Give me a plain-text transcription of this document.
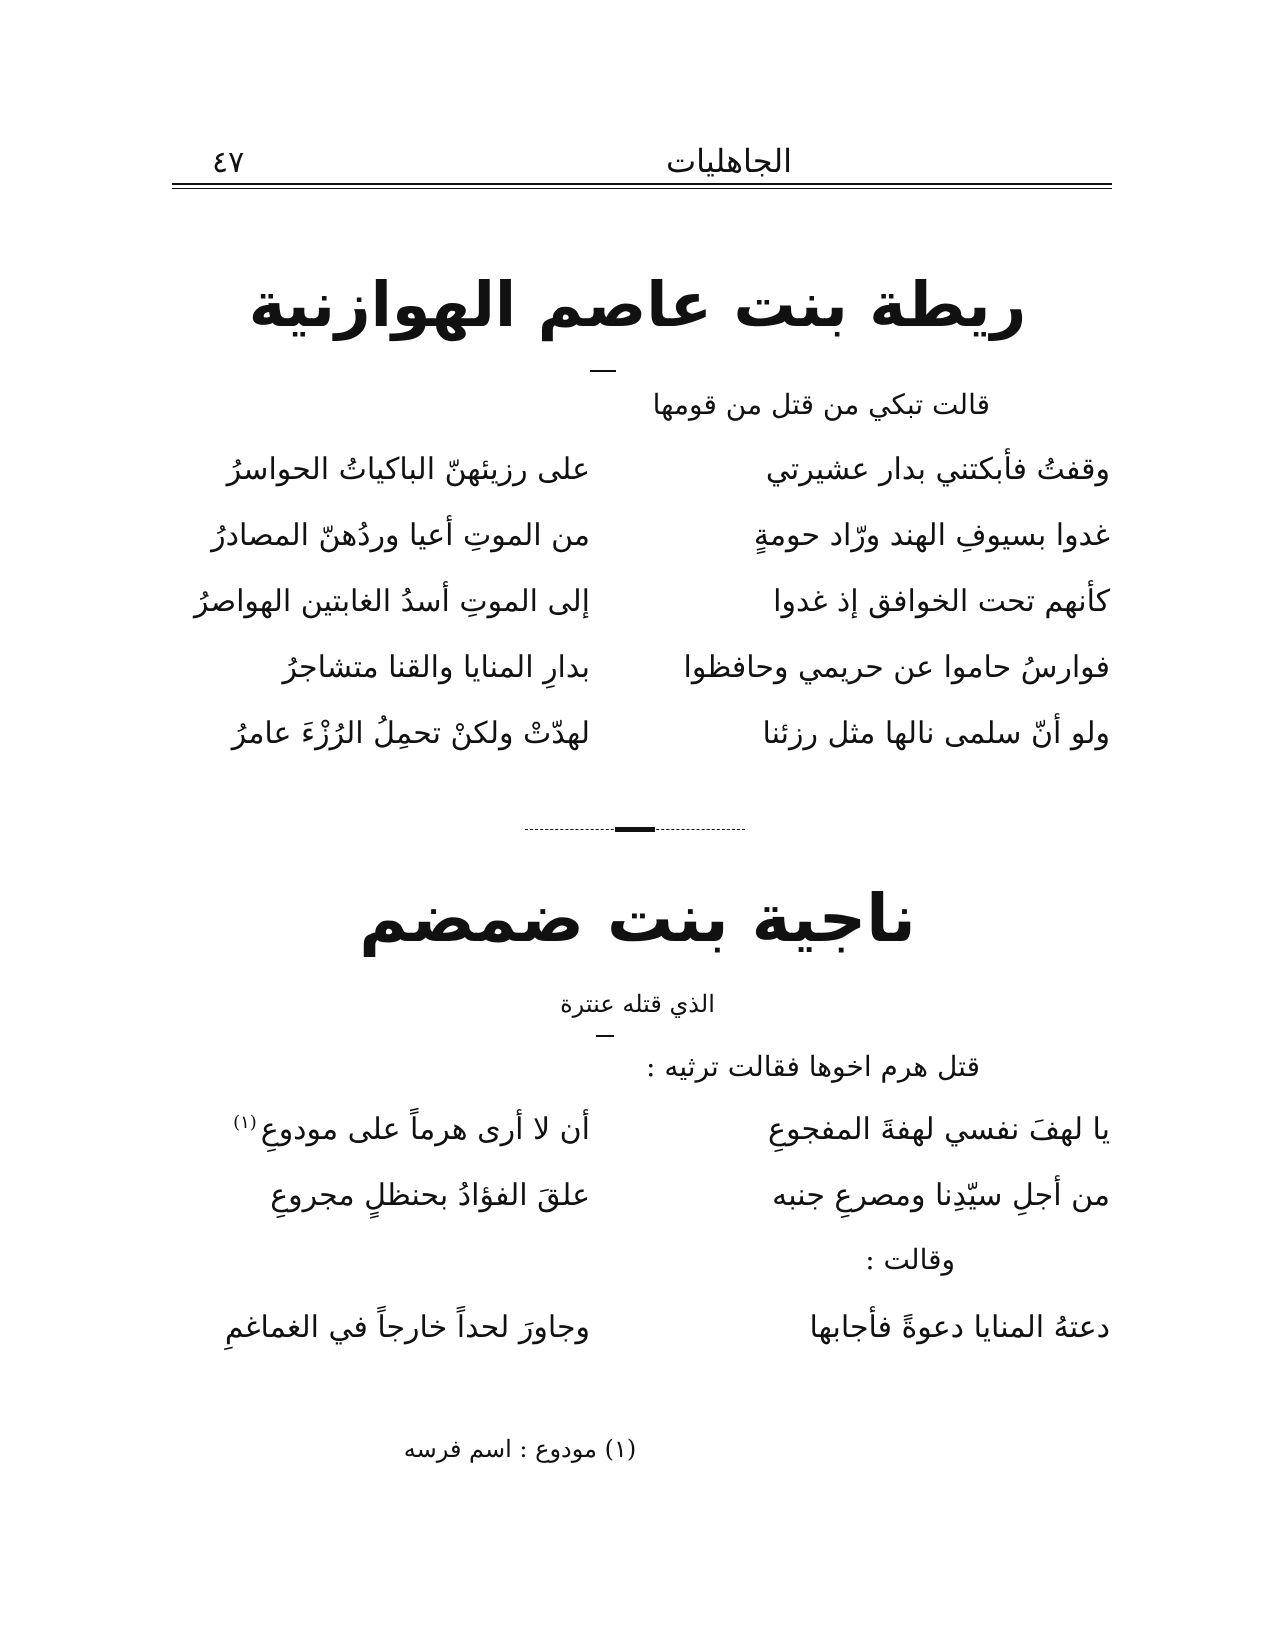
الجاهليات
٤٧
ريطة بنت عاصم الهوازنية
قالت تبكي من قتل من قومها
وقفتُ فأبكتني بدار عشيرتي
على رزيئهنّ الباكياتُ الحواسرُ
غدوا بسيوفِ الهند ورّاد حومةٍ
من الموتِ أعيا وردُهنّ المصادرُ
كأنهم تحت الخوافق إذ غدوا
إلى الموتِ أسدُ الغابتين الهواصرُ
فوارسُ حاموا عن حريمي وحافظوا
بدارِ المنايا والقنا متشاجرُ
ولو أنّ سلمى نالها مثل رزئنا
لهدّتْ ولكنْ تحمِلُ الرُزْءَ عامرُ
ناجية بنت ضمضم
الذي قتله عنترة
قتل هرم اخوها فقالت ترثيه :
يا لهفَ نفسي لهفةَ المفجوعِ
أن لا أرى هرماً على مودوعِ$^{(١)}$
من أجلِ سيّدِنا ومصرعِ جنبه
علقَ الفؤادُ بحنظلٍ مجروعِ
وقالت :
دعتهُ المنايا دعوةً فأجابها
وجاورَ لحداً خارجاً في الغماغمِ
(١) مودوع : اسم فرسه
